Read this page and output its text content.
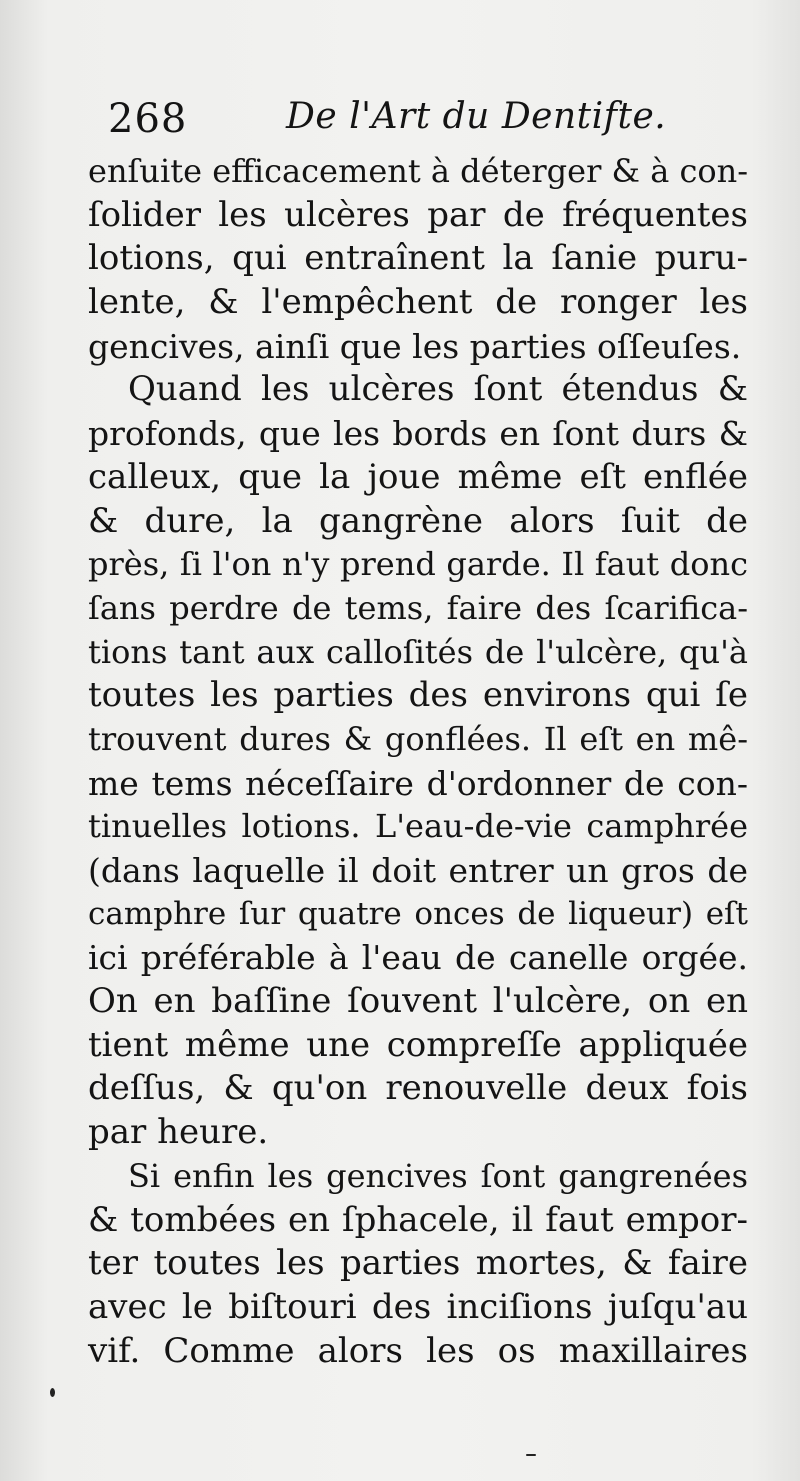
268	De l'Art du Dentifte.
enſuite efficacement à déterger & à con-
ſolider les ulcères par de fréquentes
lotions, qui entraînent la ſanie puru-
lente, & l'empêchent de ronger les
gencives, ainſi que les parties oſſeuſes.
Quand les ulcères ſont étendus &
profonds, que les bords en ſont durs &
calleux, que la joue même eſt enflée
& dure, la gangrène alors ſuit de
près, ſi l'on n'y prend garde. Il faut donc
ſans perdre de tems, faire des ſcarifica-
tions tant aux callοſités de l'ulcère, qu'à
toutes les parties des environs qui ſe
trouvent dures & gonflées. Il eſt en mê-
me tems néceſſaire d'ordonner de con-
tinuelles lotions. L'eau-de-vie camphrée
(dans laquelle il doit entrer un gros de
camphre ſur quatre onces de liqueur) eſt
ici préférable à l'eau de canelle orgée.
On en baſſine ſouvent l'ulcère, on en
tient même une compreſſe appliquée
deſſus, & qu'on renouvelle deux fois
par heure.
Si enfin les gencives ſont gangrenées
& tombées en ſphacele, il faut empor-
ter toutes les parties mortes, & faire
avec le biſtouri des inciſions juſqu'au
vif. Comme alors les os maxillaires
